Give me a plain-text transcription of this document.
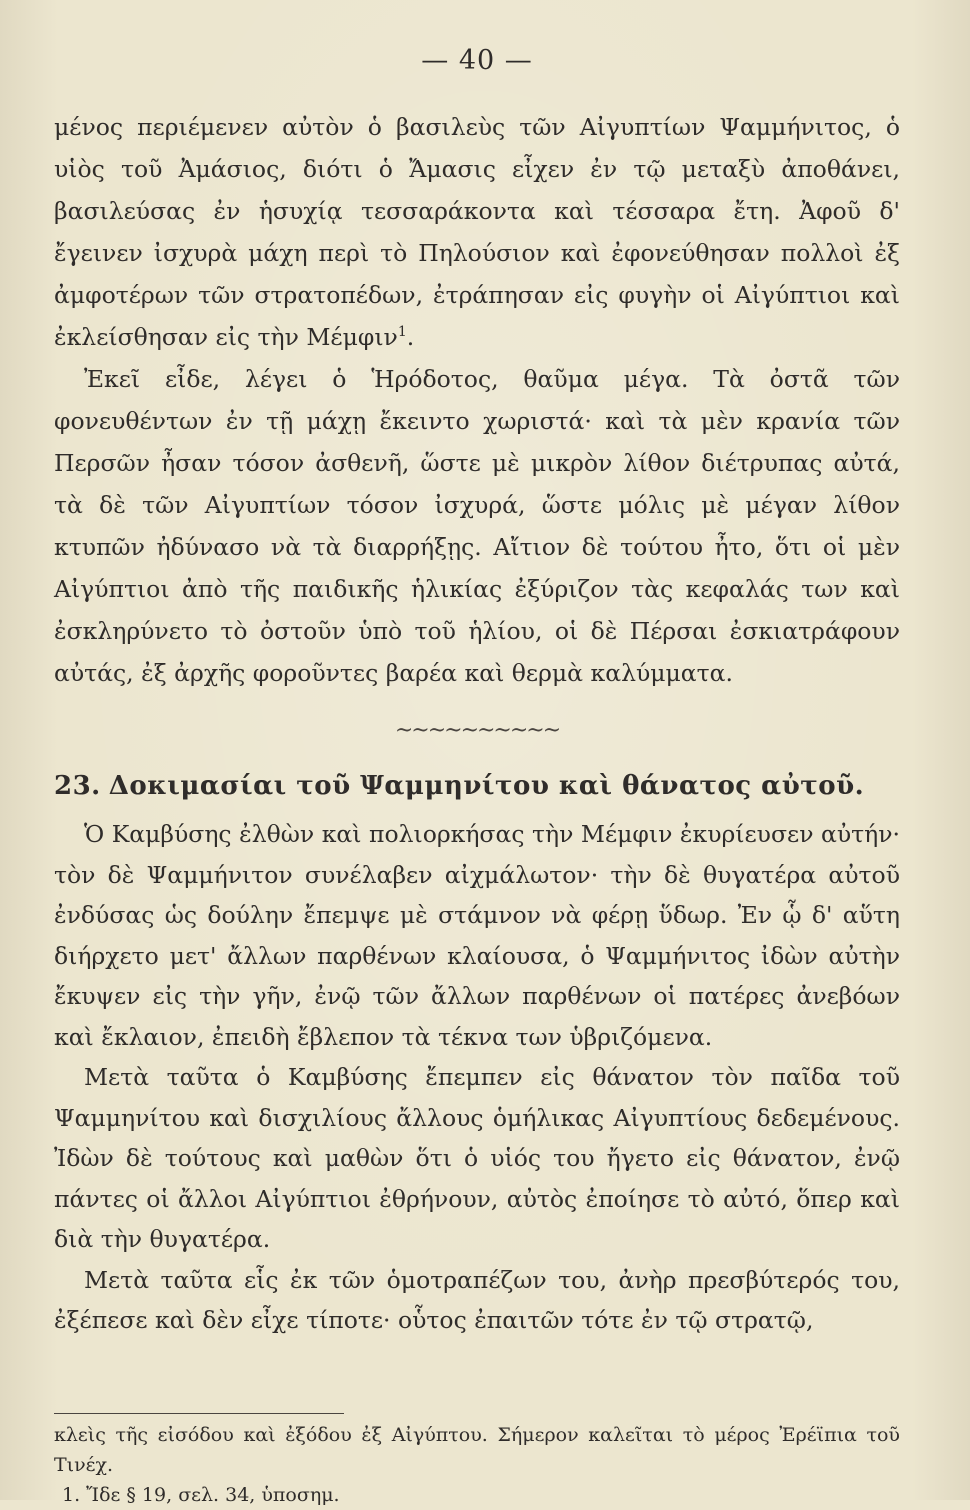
— 40 —

μένος περιέμενεν αὐτὸν ὁ βασιλεὺς τῶν Αἰγυπτίων Ψαμμήνιτος, ὁ υἱὸς τοῦ Ἀμάσιος, διότι ὁ Ἄμασις εἶχεν ἐν τῷ μεταξὺ ἀποθάνει, βασιλεύσας ἐν ἡσυχίᾳ τεσσαράκοντα καὶ τέσσαρα ἔτη. Ἀφοῦ δ' ἔγεινεν ἰσχυρὰ μάχη περὶ τὸ Πηλούσιον καὶ ἐφονεύθησαν πολλοὶ ἐξ ἀμφοτέρων τῶν στρατοπέδων, ἐτράπησαν εἰς φυγὴν οἱ Αἰγύπτιοι καὶ ἐκλείσθησαν εἰς τὴν Μέμφιν$^1$.

Ἐκεῖ εἶδε, λέγει ὁ Ἡρόδοτος, θαῦμα μέγα. Τὰ ὀστᾶ τῶν φονευθέντων ἐν τῇ μάχῃ ἔκειντο χωριστά· καὶ τὰ μὲν κρανία τῶν Περσῶν ἦσαν τόσον ἀσθενῆ, ὥστε μὲ μικρὸν λίθον διέτρυπας αὐτά, τὰ δὲ τῶν Αἰγυπτίων τόσον ἰσχυρά, ὥστε μόλις μὲ μέγαν λίθον κτυπῶν ἠδύνασο νὰ τὰ διαρρήξῃς. Αἴτιον δὲ τούτου ἦτο, ὅτι οἱ μὲν Αἰγύπτιοι ἀπὸ τῆς παιδικῆς ἡλικίας ἐξύριζον τὰς κεφαλάς των καὶ ἐσκληρύνετο τὸ ὀστοῦν ὑπὸ τοῦ ἡλίου, οἱ δὲ Πέρσαι ἐσκιατράφουν αὐτάς, ἐξ ἀρχῆς φοροῦντες βαρέα καὶ θερμὰ καλύμματα.

~~~~~~~~~~
23. Δοκιμασίαι τοῦ Ψαμμηνίτου καὶ θάνατος αὐτοῦ.

Ὁ Καμβύσης ἐλθὼν καὶ πολιορκήσας τὴν Μέμφιν ἐκυρίευσεν αὐτήν· τὸν δὲ Ψαμμήνιτον συνέλαβεν αἰχμάλωτον· τὴν δὲ θυγατέρα αὐτοῦ ἐνδύσας ὡς δούλην ἔπεμψε μὲ στάμνον νὰ φέρῃ ὕδωρ. Ἐν ᾧ δ' αὕτη διήρχετο μετ' ἄλλων παρθένων κλαίουσα, ὁ Ψαμμήνιτος ἰδὼν αὐτὴν ἔκυψεν εἰς τὴν γῆν, ἐνῷ τῶν ἄλλων παρθένων οἱ πατέρες ἀνεβόων καὶ ἔκλαιον, ἐπειδὴ ἔβλεπον τὰ τέκνα των ὑβριζόμενα.

Μετὰ ταῦτα ὁ Καμβύσης ἔπεμπεν εἰς θάνατον τὸν παῖδα τοῦ Ψαμμηνίτου καὶ δισχιλίους ἄλλους ὁμήλικας Αἰγυπτίους δεδεμένους. Ἰδὼν δὲ τούτους καὶ μαθὼν ὅτι ὁ υἱός του ἤγετο εἰς θάνατον, ἐνῷ πάντες οἱ ἄλλοι Αἰγύπτιοι ἐθρήνουν, αὐτὸς ἐποίησε τὸ αὐτό, ὅπερ καὶ διὰ τὴν θυγατέρα.

Μετὰ ταῦτα εἷς ἐκ τῶν ὁμοτραπέζων του, ἀνὴρ πρεσβύτερός του, ἐξέπεσε καὶ δὲν εἶχε τίποτε· οὗτος ἐπαιτῶν τότε ἐν τῷ στρατῷ,

κλεὶς τῆς εἰσόδου καὶ ἐξόδου ἐξ Αἰγύπτου. Σήμερον καλεῖται τὸ μέρος Ἐρέϊπια τοῦ Τινέχ.

1. Ἴδε § 19, σελ. 34, ὑποσημ.
